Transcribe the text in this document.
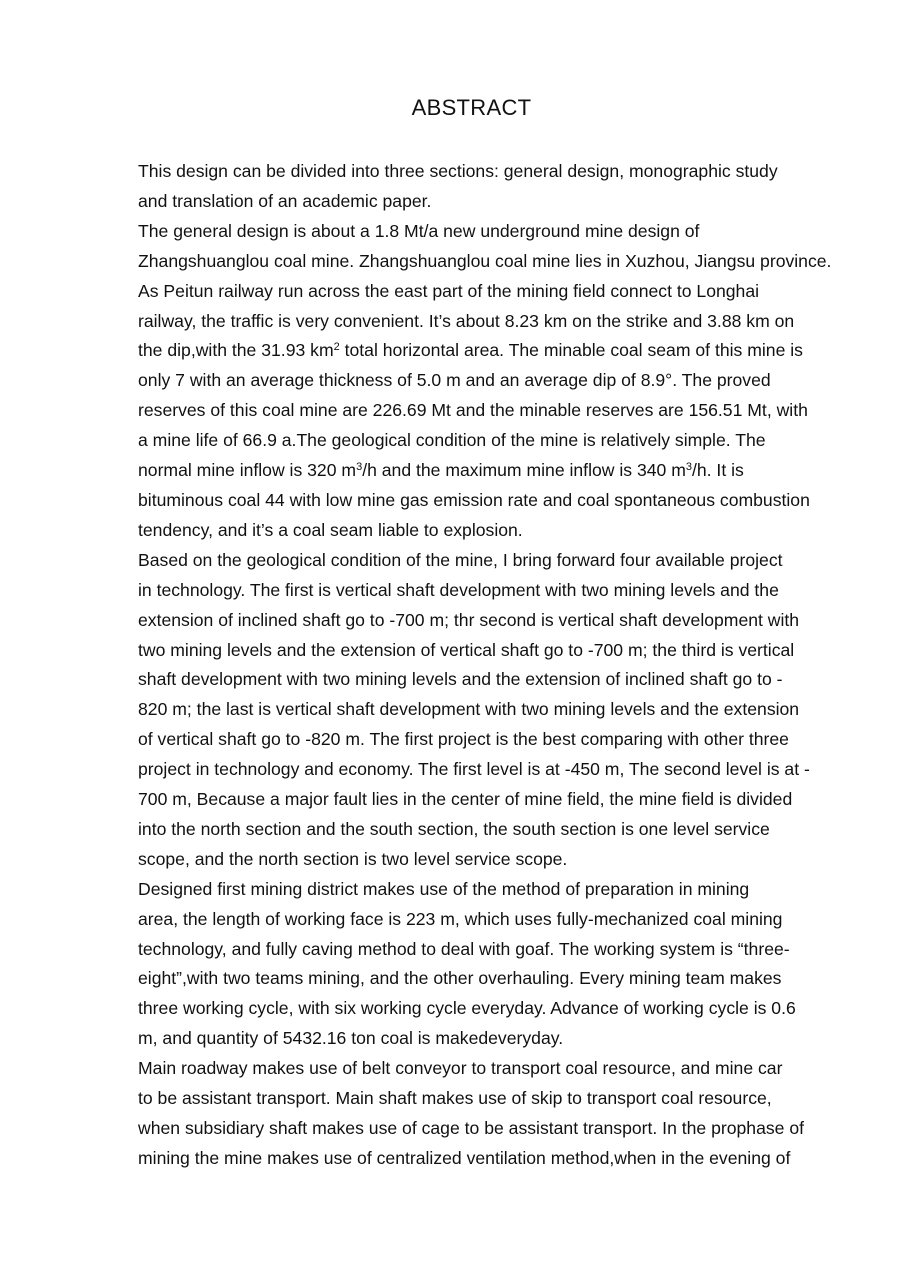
ABSTRACT

This design can be divided into three sections: general design, monographic study
and translation of an academic paper.

The general design is about a 1.8 Mt/a new underground mine design of
Zhangshuanglou coal mine. Zhangshuanglou coal mine lies in Xuzhou, Jiangsu province.
As Peitun railway run across the east part of the mining field connect to Longhai
railway, the traffic is very convenient. It’s about 8.23 km on the strike and 3.88 km on
the dip,with the 31.93 $km^2$ total horizontal area. The minable coal seam of this mine is
only 7 with an average thickness of 5.0 m and an average dip of 8.9°. The proved
reserves of this coal mine are 226.69 Mt and the minable reserves are 156.51 Mt, with
a mine life of 66.9 a.The geological condition of the mine is relatively simple. The
normal mine inflow is 320 $m^3/h$ and the maximum mine inflow is 340 $m^3/h$. It is
bituminous coal 44 with low mine gas emission rate and coal spontaneous combustion
tendency, and it’s a coal seam liable to explosion.

Based on the geological condition of the mine, I bring forward four available project
in technology. The first is vertical shaft development with two mining levels and the
extension of inclined shaft go to -700 m; thr second is vertical shaft development with
two mining levels and the extension of vertical shaft go to -700 m; the third is vertical
shaft development with two mining levels and the extension of inclined shaft go to -
820 m; the last is vertical shaft development with two mining levels and the extension
of vertical shaft go to -820 m. The first project is the best comparing with other three
project in technology and economy. The first level is at -450 m, The second level is at -
700 m, Because a major fault lies in the center of mine field, the mine field is divided
into the north section and the south section, the south section is one level service
scope, and the north section is two level service scope.

Designed first mining district makes use of the method of preparation in mining
area, the length of working face is 223 m, which uses fully-mechanized coal mining
technology, and fully caving method to deal with goaf. The working system is “three-
eight”,with two teams mining, and the other overhauling. Every mining team makes
three working cycle, with six working cycle everyday. Advance of working cycle is 0.6
m, and quantity of 5432.16 ton coal is makedeveryday.

Main roadway makes use of belt conveyor to transport coal resource, and mine car
to be assistant transport. Main shaft makes use of skip to transport coal resource,
when subsidiary shaft makes use of cage to be assistant transport. In the prophase of
mining the mine makes use of centralized ventilation method,when in the evening of
